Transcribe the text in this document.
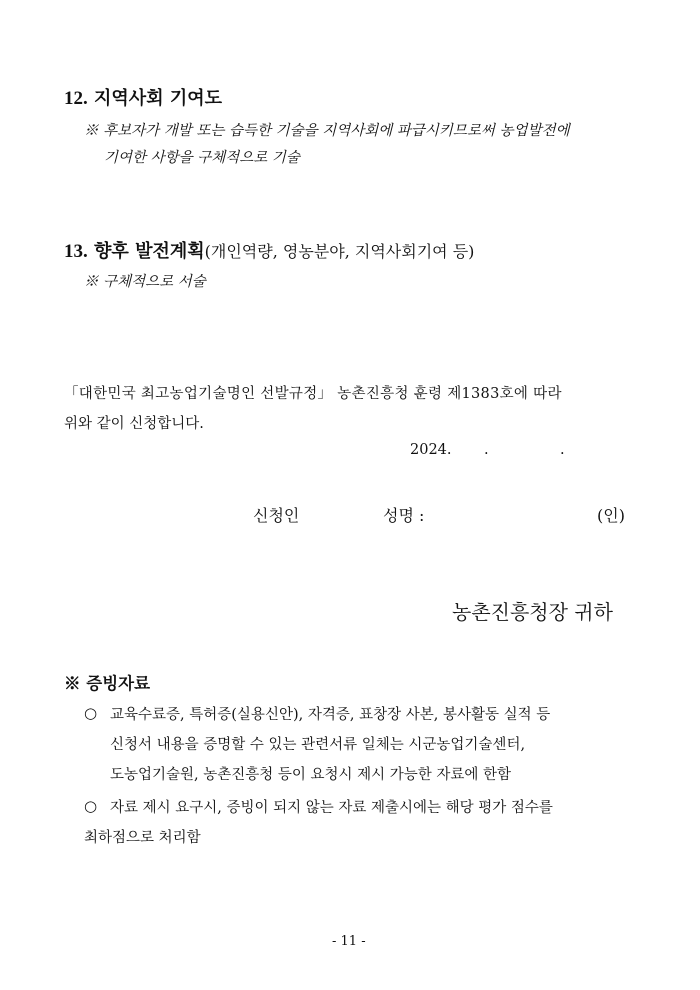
12. 지역사회 기여도
※ 후보자가 개발 또는 습득한 기술을 지역사회에 파급시키므로써 농업발전에
기여한 사항을 구체적으로 기술
13. 향후 발전계획(개인역량, 영농분야, 지역사회기여 등)
※ 구체적으로 서술
「대한민국 최고농업기술명인 선발규정」 농촌진흥청 훈령 제1383호에 따라
위와 같이 신청합니다.
2024. .	.
신청인	성명 :	(인)
농촌진흥청장 귀하
※ 증빙자료
○ 교육수료증, 특허증(실용신안), 자격증, 표창장 사본, 봉사활동 실적 등
신청서 내용을 증명할 수 있는 관련서류 일체는 시군농업기술센터,
도농업기술원, 농촌진흥청 등이 요청시 제시 가능한 자료에 한함
○ 자료 제시 요구시, 증빙이 되지 않는 자료 제출시에는 해당 평가 점수를
최하점으로 처리함
- 11 -
